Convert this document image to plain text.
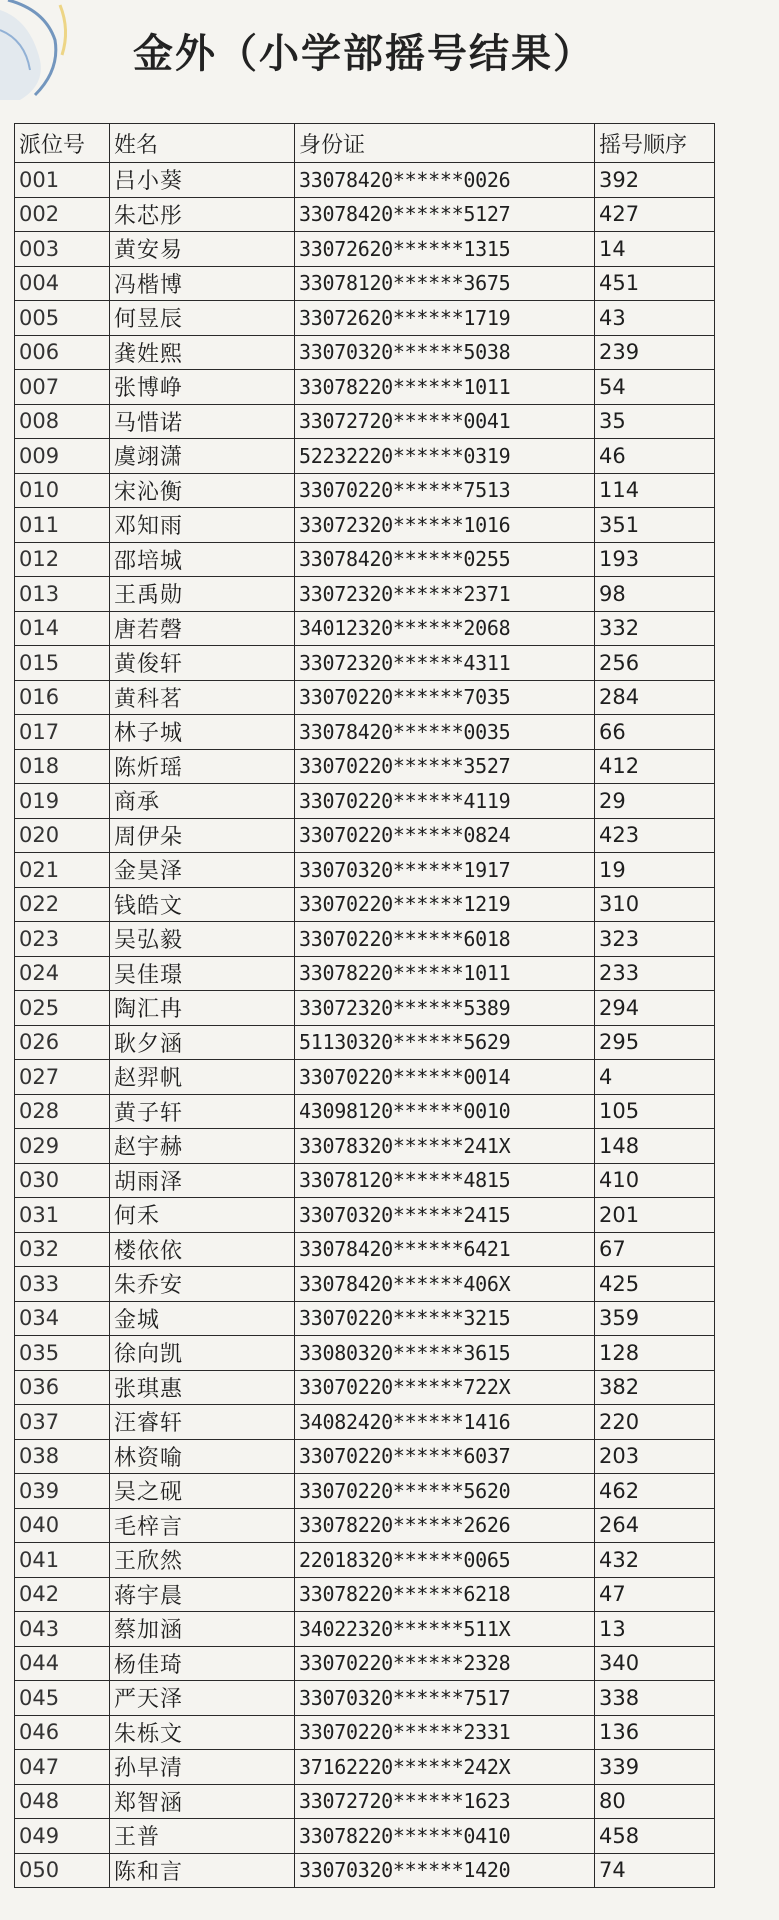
金外（小学部摇号结果）
派位号	姓名	身份证	摇号顺序
001	吕小葵	33078420******0026	392
002	朱芯彤	33078420******5127	427
003	黄安易	33072620******1315	14
004	冯楷博	33078120******3675	451
005	何昱辰	33072620******1719	43
006	龚姓熙	33070320******5038	239
007	张博峥	33078220******1011	54
008	马惜诺	33072720******0041	35
009	虞翊潇	52232220******0319	46
010	宋沁衡	33070220******7513	114
011	邓知雨	33072320******1016	351
012	邵培城	33078420******0255	193
013	王禹勋	33072320******2371	98
014	唐若磬	34012320******2068	332
015	黄俊轩	33072320******4311	256
016	黄科茗	33070220******7035	284
017	林子城	33078420******0035	66
018	陈炘瑶	33070220******3527	412
019	商承	33070220******4119	29
020	周伊朵	33070220******0824	423
021	金昊泽	33070320******1917	19
022	钱皓文	33070220******1219	310
023	吴弘毅	33070220******6018	323
024	吴佳璟	33078220******1011	233
025	陶汇冉	33072320******5389	294
026	耿夕涵	51130320******5629	295
027	赵羿帆	33070220******0014	4
028	黄子轩	43098120******0010	105
029	赵宇赫	33078320******241X	148
030	胡雨泽	33078120******4815	410
031	何禾	33070320******2415	201
032	楼依依	33078420******6421	67
033	朱乔安	33078420******406X	425
034	金城	33070220******3215	359
035	徐向凯	33080320******3615	128
036	张琪惠	33070220******722X	382
037	汪睿轩	34082420******1416	220
038	林资喻	33070220******6037	203
039	吴之砚	33070220******5620	462
040	毛梓言	33078220******2626	264
041	王欣然	22018320******0065	432
042	蒋宇晨	33078220******6218	47
043	蔡加涵	34022320******511X	13
044	杨佳琦	33070220******2328	340
045	严天泽	33070320******7517	338
046	朱栎文	33070220******2331	136
047	孙早清	37162220******242X	339
048	郑智涵	33072720******1623	80
049	王普	33078220******0410	458
050	陈和言	33070320******1420	74
